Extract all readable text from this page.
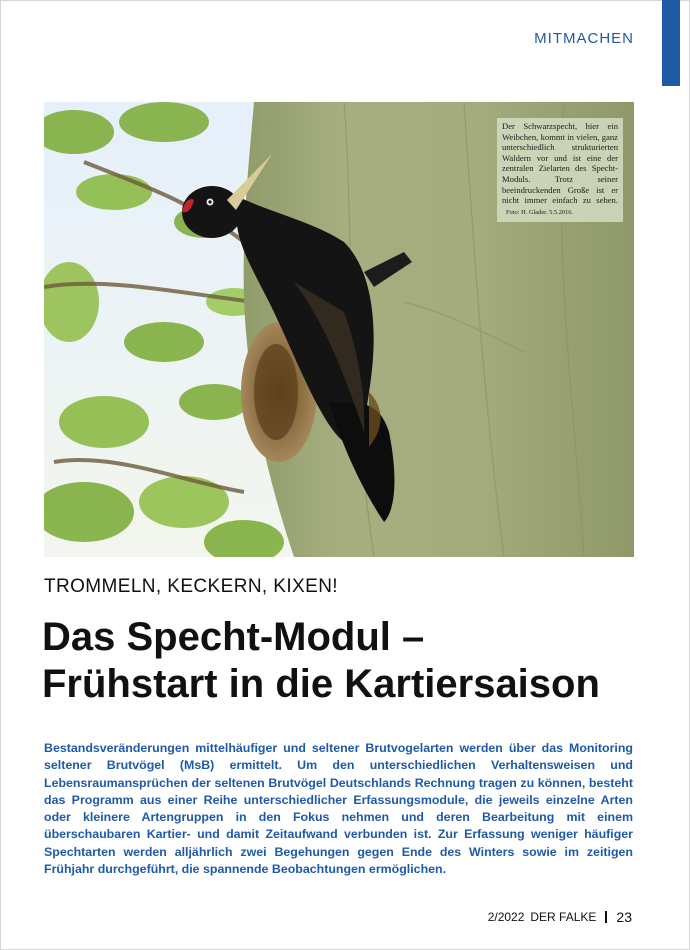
MITMACHEN
Der Schwarzspecht, hier ein Weibchen, kommt in vielen, ganz unterschiedlich strukturierten Waldern vor und ist eine der zentralen Zielarten des Specht-Moduls. Trotz seiner beeindruckenden Große ist er nicht immer einfach zu sehen. Foto: H. Glader. 5.5.2016.
TROMMELN, KECKERN, KIXEN!
Das Specht-Modul –
Frühstart in die Kartiersaison

Bestandsveränderungen mittelhäufiger und seltener Brutvogelarten werden über das Monitoring seltener Brutvögel (MsB) ermittelt. Um den unterschiedlichen Verhaltensweisen und Lebensraumansprüchen der seltenen Brutvögel Deutschlands Rechnung tragen zu können, besteht das Programm aus einer Reihe unterschiedlicher Erfassungsmodule, die jeweils einzelne Arten oder kleinere Artengruppen in den Fokus nehmen und deren Bearbeitung mit einem überschaubaren Kartier- und damit Zeitaufwand verbunden ist. Zur Erfassung weniger häufiger Spechtarten werden alljährlich zwei Begehungen gegen Ende des Winters sowie im zeitigen Frühjahr durchgeführt, die spannende Beobachtungen ermöglichen.

2/2022 DER FALKE 23
